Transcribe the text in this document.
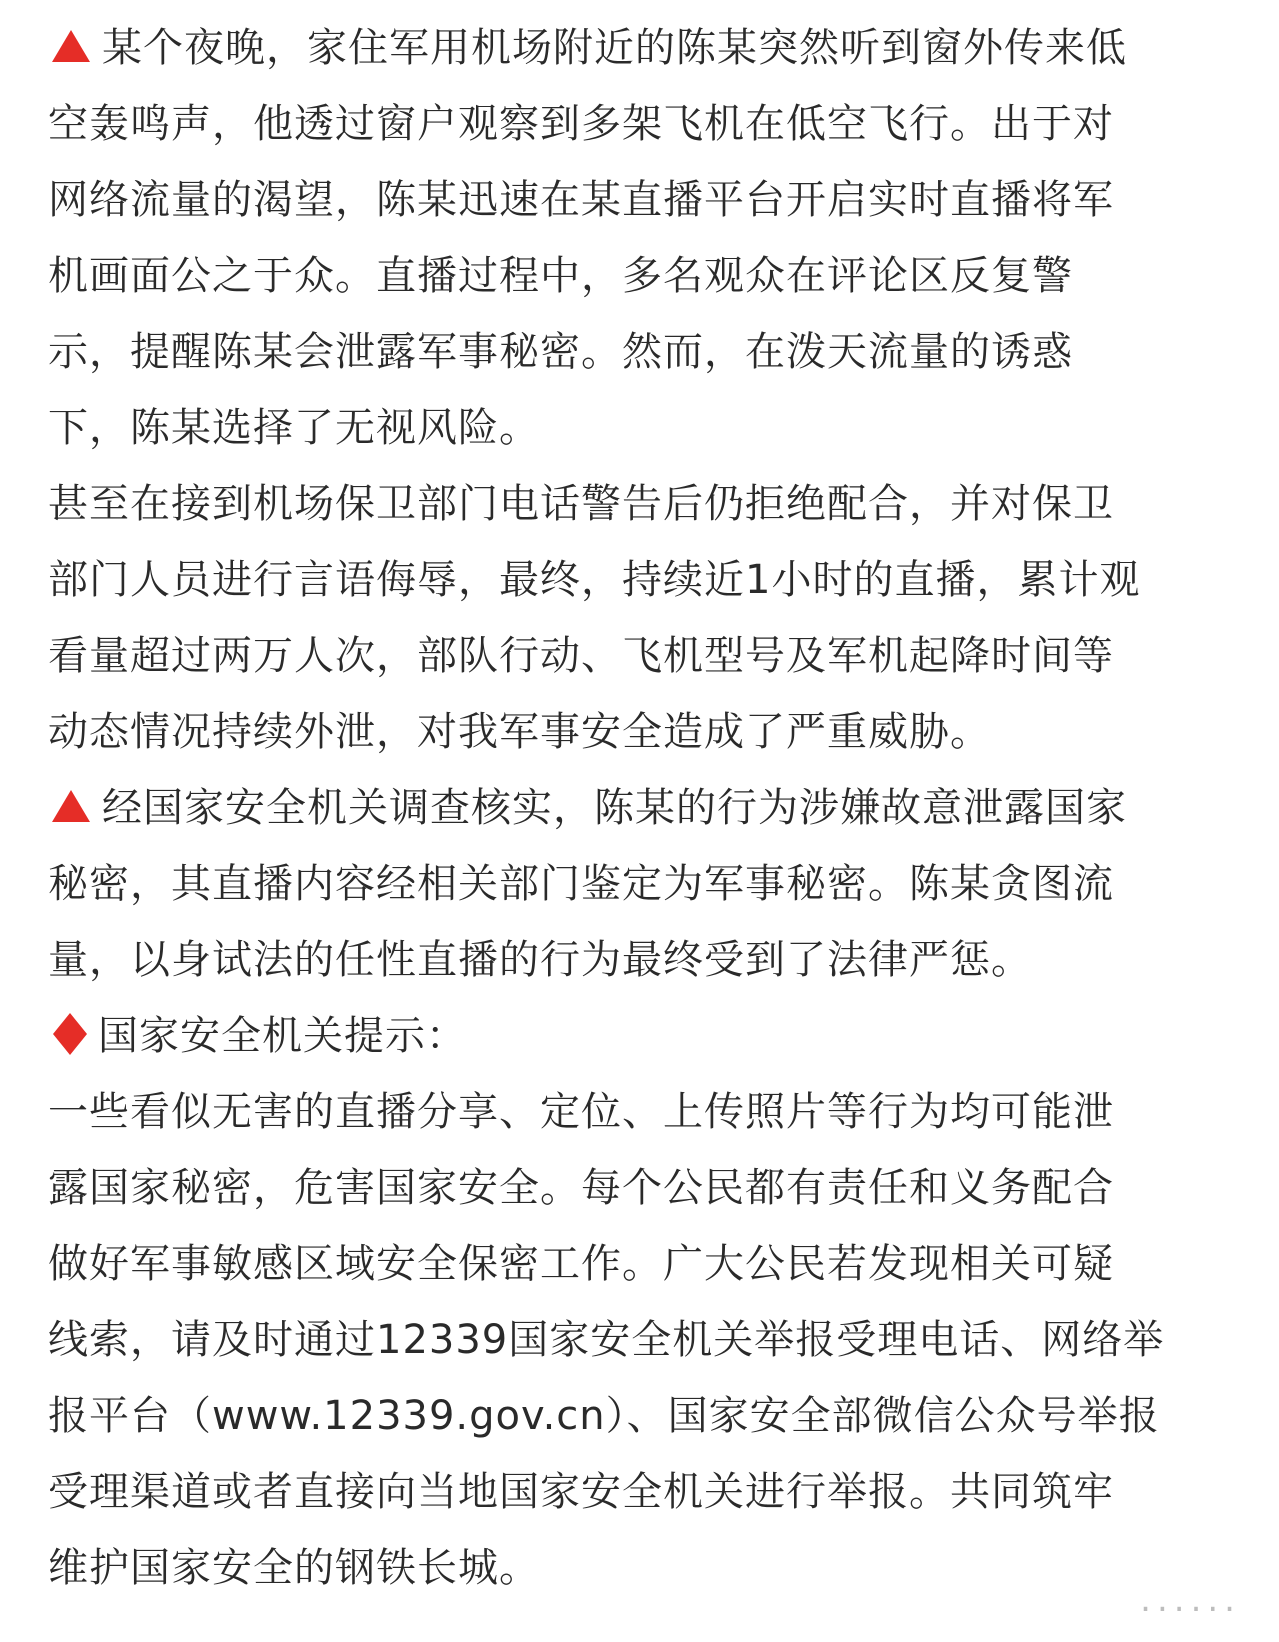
某个夜晚，家住军用机场附近的陈某突然听到窗外传来低
空轰鸣声，他透过窗户观察到多架飞机在低空飞行。出于对
网络流量的渴望，陈某迅速在某直播平台开启实时直播将军
机画面公之于众。直播过程中，多名观众在评论区反复警
示，提醒陈某会泄露军事秘密。然而，在泼天流量的诱惑
下，陈某选择了无视风险。

甚至在接到机场保卫部门电话警告后仍拒绝配合，并对保卫
部门人员进行言语侮辱，最终，持续近1小时的直播，累计观
看量超过两万人次，部队行动、飞机型号及军机起降时间等
动态情况持续外泄，对我军事安全造成了严重威胁。

经国家安全机关调查核实，陈某的行为涉嫌故意泄露国家
秘密，其直播内容经相关部门鉴定为军事秘密。陈某贪图流
量，以身试法的任性直播的行为最终受到了法律严惩。

国家安全机关提示：

一些看似无害的直播分享、定位、上传照片等行为均可能泄
露国家秘密，危害国家安全。每个公民都有责任和义务配合
做好军事敏感区域安全保密工作。广大公民若发现相关可疑
线索，请及时通过12339国家安全机关举报受理电话、网络举
报平台（www.12339.gov.cn）、国家安全部微信公众号举报
受理渠道或者直接向当地国家安全机关进行举报。共同筑牢
维护国家安全的钢铁长城。

......
